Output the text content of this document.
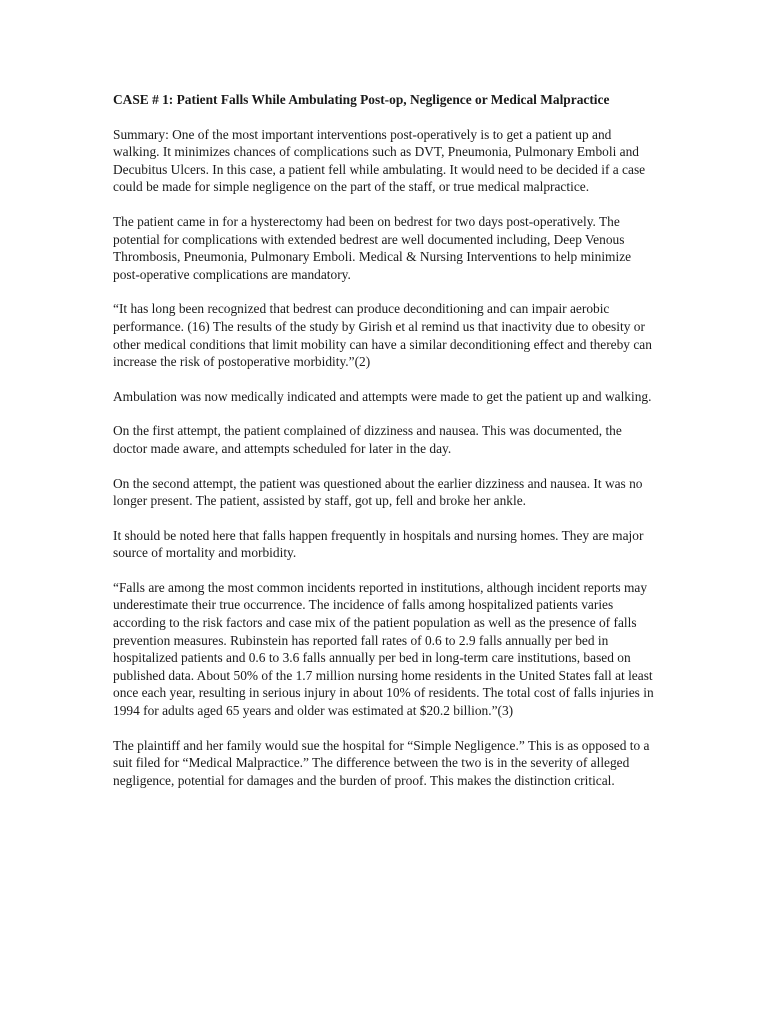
CASE # 1: Patient Falls While Ambulating Post-op, Negligence or Medical Malpractice

Summary: One of the most important interventions post-operatively is to get a patient up and walking. It minimizes chances of complications such as DVT, Pneumonia, Pulmonary Emboli and Decubitus Ulcers. In this case, a patient fell while ambulating. It would need to be decided if a case could be made for simple negligence on the part of the staff, or true medical malpractice.

The patient came in for a hysterectomy had been on bedrest for two days post-operatively. The potential for complications with extended bedrest are well documented including, Deep Venous Thrombosis, Pneumonia, Pulmonary Emboli. Medical & Nursing Interventions to help minimize post-operative complications are mandatory.

“It has long been recognized that bedrest can produce deconditioning and can impair aerobic performance. (16) The results of the study by Girish et al remind us that inactivity due to obesity or other medical conditions that limit mobility can have a similar deconditioning effect and thereby can increase the risk of postoperative morbidity.”(2)

Ambulation was now medically indicated and attempts were made to get the patient up and walking.

On the first attempt, the patient complained of dizziness and nausea. This was documented, the doctor made aware, and attempts scheduled for later in the day.

On the second attempt, the patient was questioned about the earlier dizziness and nausea. It was no longer present. The patient, assisted by staff, got up, fell and broke her ankle.

It should be noted here that falls happen frequently in hospitals and nursing homes. They are major source of mortality and morbidity.

“Falls are among the most common incidents reported in institutions, although incident reports may underestimate their true occurrence. The incidence of falls among hospitalized patients varies according to the risk factors and case mix of the patient population as well as the presence of falls prevention measures. Rubinstein has reported fall rates of 0.6 to 2.9 falls annually per bed in hospitalized patients and 0.6 to 3.6 falls annually per bed in long-term care institutions, based on published data. About 50% of the 1.7 million nursing home residents in the United States fall at least once each year, resulting in serious injury in about 10% of residents. The total cost of falls injuries in 1994 for adults aged 65 years and older was estimated at $20.2 billion.”(3)

The plaintiff and her family would sue the hospital for “Simple Negligence.” This is as opposed to a suit filed for “Medical Malpractice.” The difference between the two is in the severity of alleged negligence, potential for damages and the burden of proof. This makes the distinction critical.
